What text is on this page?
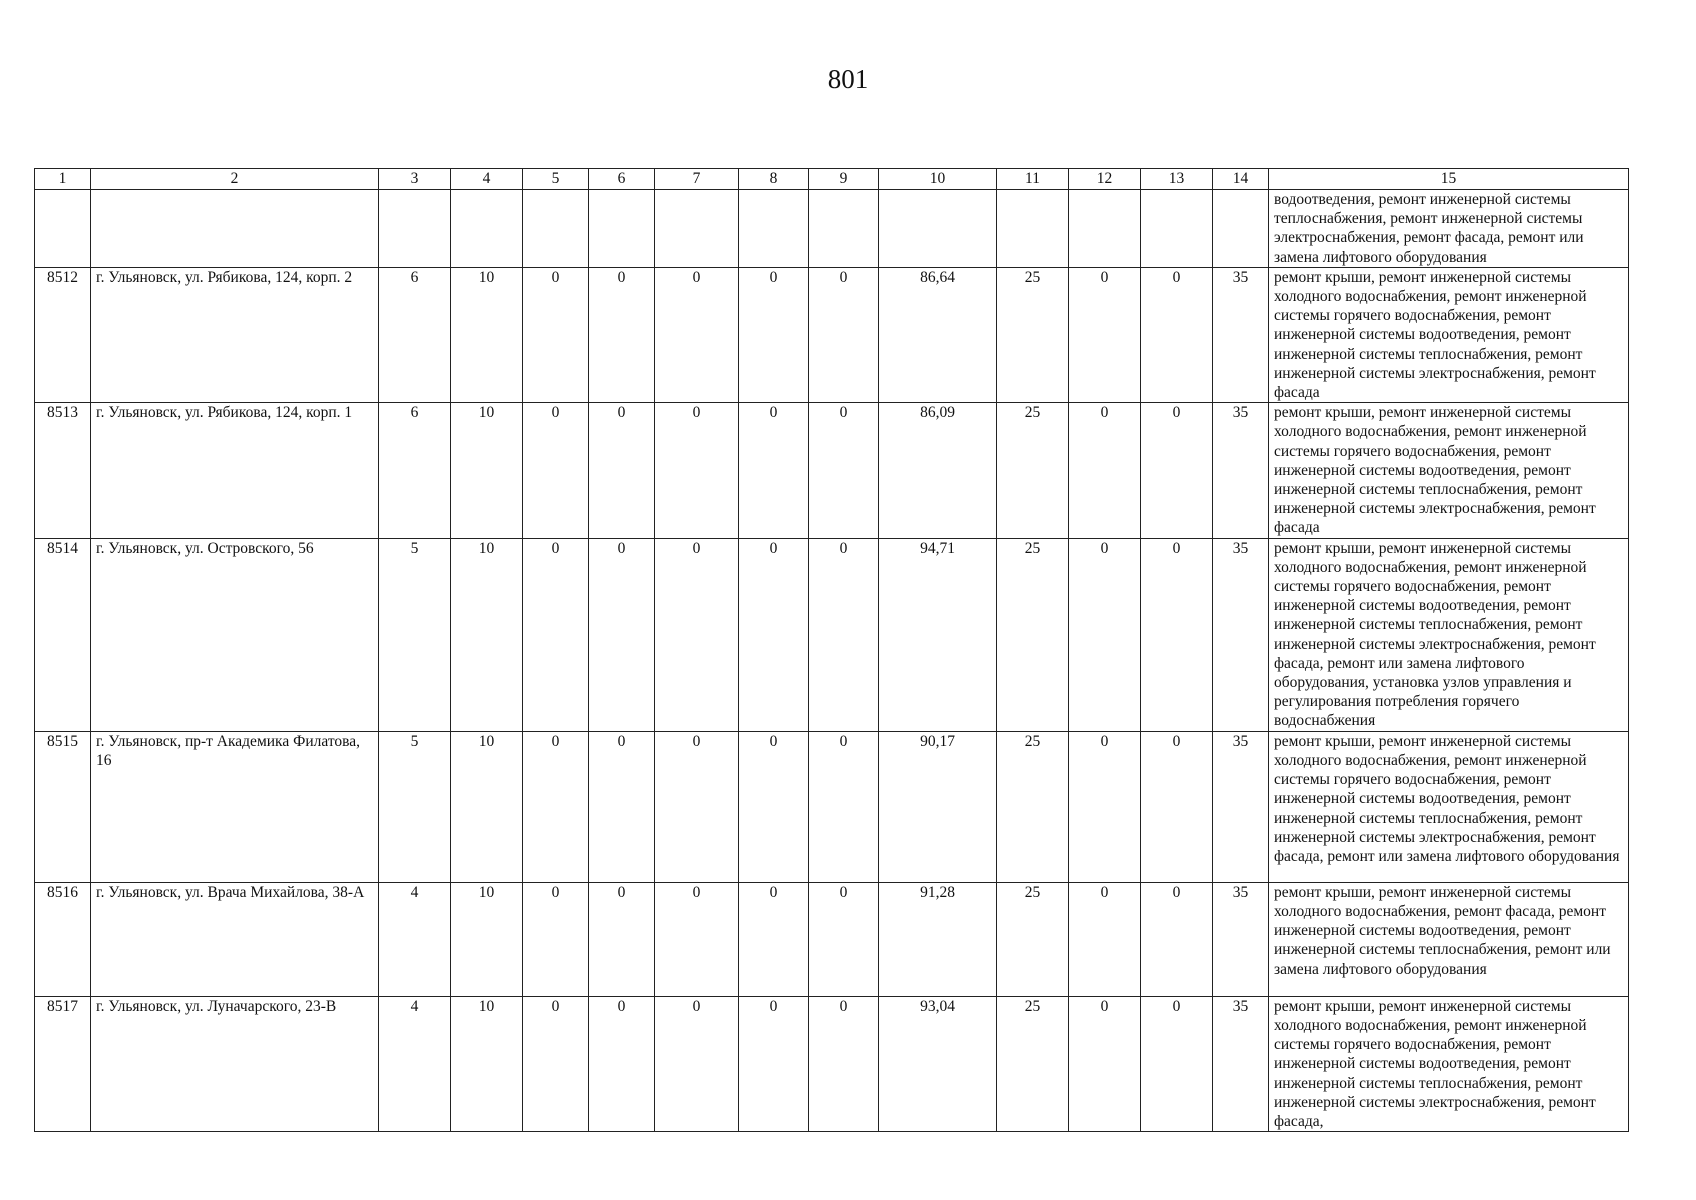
801
1	2	3	4	5	6	7	8	9	10	11	12	13	14	15
														водоотведения, ремонт инженерной системы теплоснабжения, ремонт инженерной системы электроснабжения, ремонт фасада, ремонт или замена лифтового оборудования
8512	г. Ульяновск, ул. Рябикова, 124, корп. 2	6	10	0	0	0	0	0	86,64	25	0	0	35	ремонт крыши, ремонт инженерной системы холодного водоснабжения, ремонт инженерной системы горячего водоснабжения, ремонт инженерной системы водоотведения, ремонт инженерной системы теплоснабжения, ремонт инженерной системы электроснабжения, ремонт фасада
8513	г. Ульяновск, ул. Рябикова, 124, корп. 1	6	10	0	0	0	0	0	86,09	25	0	0	35	ремонт крыши, ремонт инженерной системы холодного водоснабжения, ремонт инженерной системы горячего водоснабжения, ремонт инженерной системы водоотведения, ремонт инженерной системы теплоснабжения, ремонт инженерной системы электроснабжения, ремонт фасада
8514	г. Ульяновск, ул. Островского, 56	5	10	0	0	0	0	0	94,71	25	0	0	35	ремонт крыши, ремонт инженерной системы холодного водоснабжения, ремонт инженерной системы горячего водоснабжения, ремонт инженерной системы водоотведения, ремонт инженерной системы теплоснабжения, ремонт инженерной системы электроснабжения, ремонт фасада, ремонт или замена лифтового оборудования, установка узлов управления и регулирования потребления горячего водоснабжения
8515	г. Ульяновск, пр-т Академика Филатова, 16	5	10	0	0	0	0	0	90,17	25	0	0	35	ремонт крыши, ремонт инженерной системы холодного водоснабжения, ремонт инженерной системы горячего водоснабжения, ремонт инженерной системы водоотведения, ремонт инженерной системы теплоснабжения, ремонт инженерной системы электроснабжения, ремонт фасада, ремонт или замена лифтового оборудования
8516	г. Ульяновск, ул. Врача Михайлова, 38-А	4	10	0	0	0	0	0	91,28	25	0	0	35	ремонт крыши, ремонт инженерной системы холодного водоснабжения, ремонт фасада, ремонт инженерной системы водоотведения, ремонт инженерной системы теплоснабжения, ремонт или замена лифтового оборудования
8517	г. Ульяновск, ул. Луначарского, 23-В	4	10	0	0	0	0	0	93,04	25	0	0	35	ремонт крыши, ремонт инженерной системы холодного водоснабжения, ремонт инженерной системы горячего водоснабжения, ремонт инженерной системы водоотведения, ремонт инженерной системы теплоснабжения, ремонт инженерной системы электроснабжения, ремонт фасада,
